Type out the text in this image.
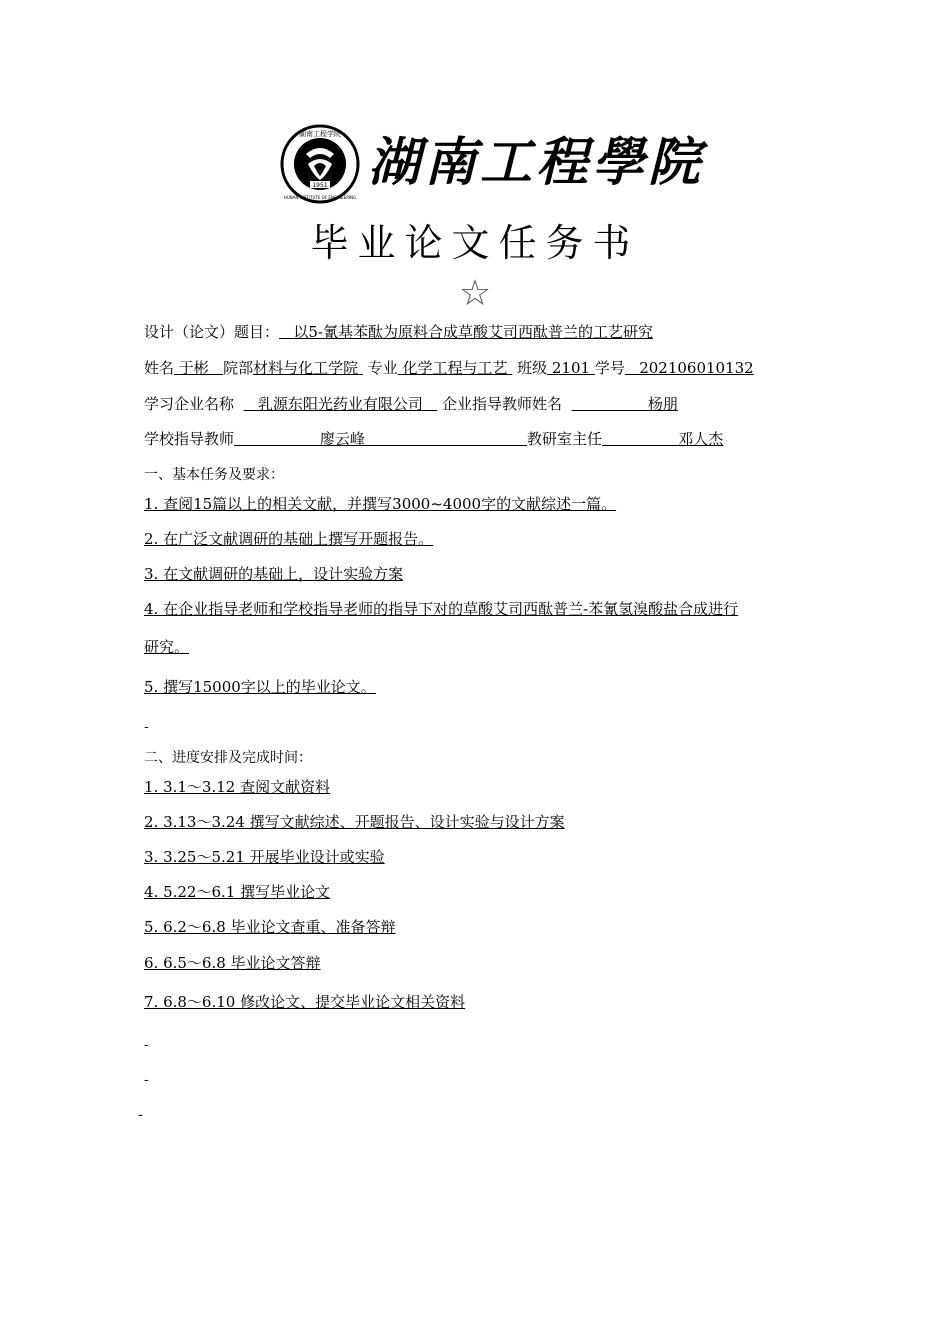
1951
湖南工程学院
HUNAN INSTITUTE OF ENGINEERING
湖南工程學院
毕业论文任务书
☆
设计（论文）题目： 以5-氰基苯酞为原料合成草酸艾司西酞普兰的工艺研究
姓名 于彬 院部材料与化工学院 专业 化学工程与工艺 班级 2101 学号 202106010132
学习企业名称 乳源东阳光药业有限公司 企业指导教师姓名	杨朋
学校指导教师	廖云峰	教研室主任	邓人杰
一、基本任务及要求：
1. 查阅15篇以上的相关文献，并撰写3000~4000字的文献综述一篇。
2. 在广泛文献调研的基础上撰写开题报告。
3. 在文献调研的基础上，设计实验方案
4. 在企业指导老师和学校指导老师的指导下对的草酸艾司西酞普兰-苯氰氢溴酸盐合成进行
研究。
5. 撰写15000字以上的毕业论文。
-
二、进度安排及完成时间：
1. 3.1～3.12 查阅文献资料
2. 3.13～3.24 撰写文献综述、开题报告、设计实验与设计方案
3. 3.25～5.21 开展毕业设计或实验
4. 5.22～6.1 撰写毕业论文
5. 6.2～6.8 毕业论文查重、准备答辩
6. 6.5～6.8 毕业论文答辩
7. 6.8～6.10 修改论文、提交毕业论文相关资料
-
-
-
